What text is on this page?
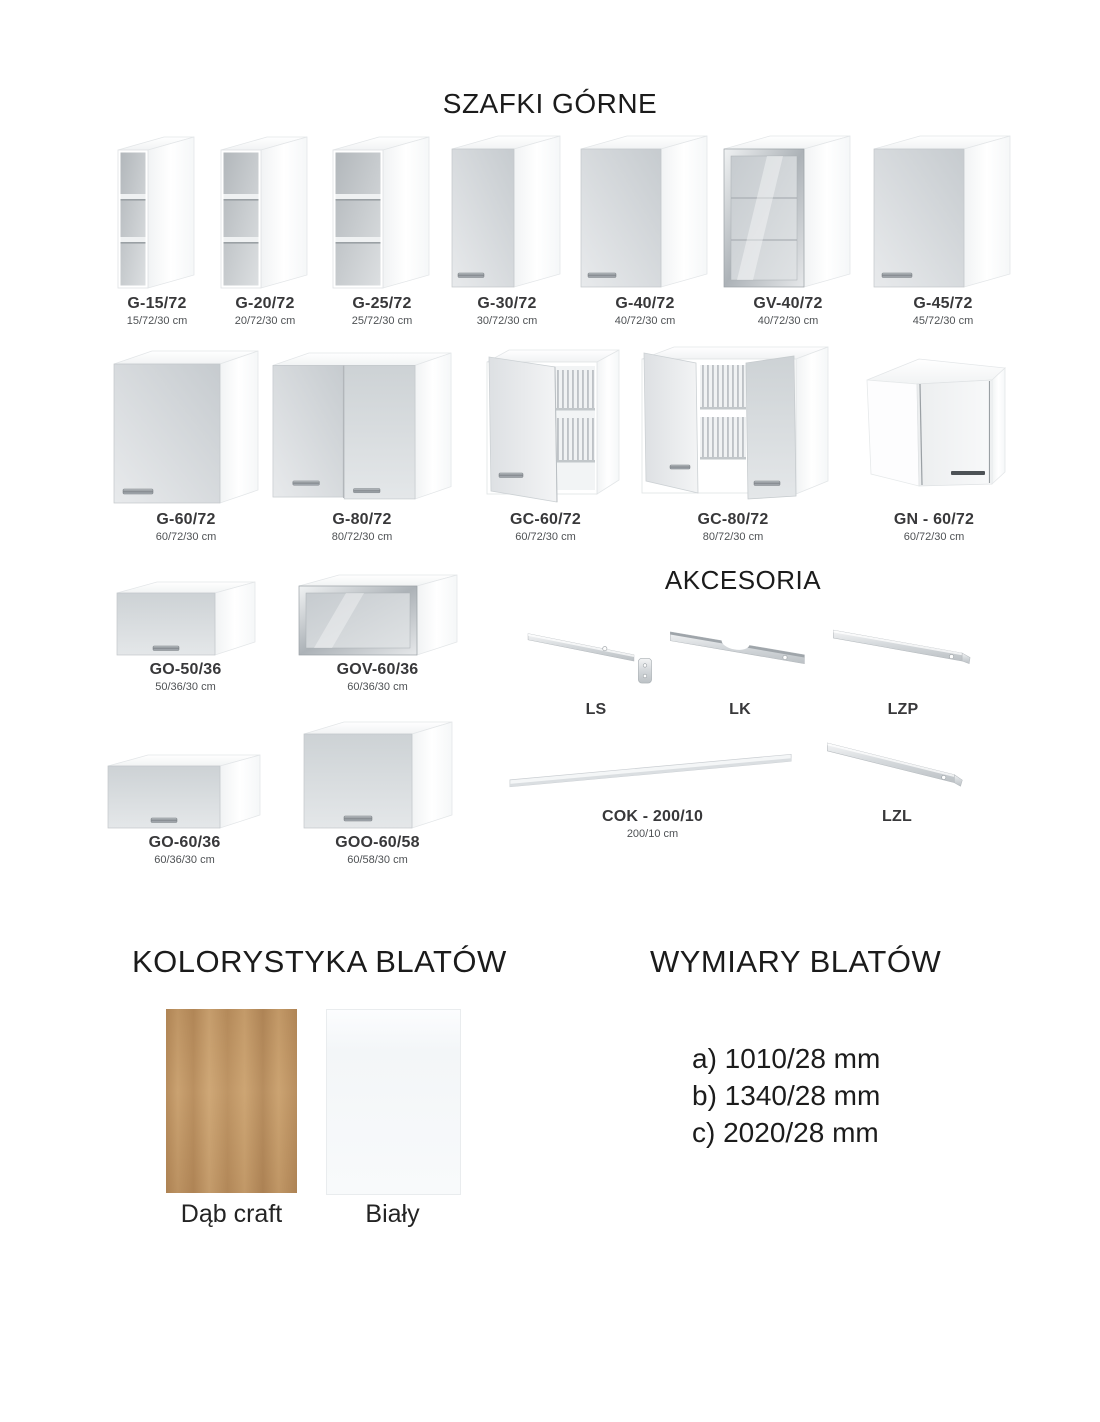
SZAFKI GÓRNE
G-15/72
15/72/30 cm
G-20/72
20/72/30 cm
G-25/72
25/72/30 cm
G-30/72
30/72/30 cm
G-40/72
40/72/30 cm
GV-40/72
40/72/30 cm
G-45/72
45/72/30 cm
G-60/72
60/72/30 cm
G-80/72
80/72/30 cm
GC-60/72
60/72/30 cm
GC-80/72
80/72/30 cm
GN - 60/72
60/72/30 cm
GO-50/36
50/36/30 cm
GOV-60/36
60/36/30 cm
AKCESORIA
LS	LK	LZP
GO-60/36
60/36/30 cm
GOO-60/58
60/58/30 cm
COK - 200/10
200/10 cm
LZL
KOLORYSTYKA BLATÓW	WYMIARY BLATÓW
Dąb craft	Biały
a) 1010/28 mm
b) 1340/28 mm
c) 2020/28 mm
